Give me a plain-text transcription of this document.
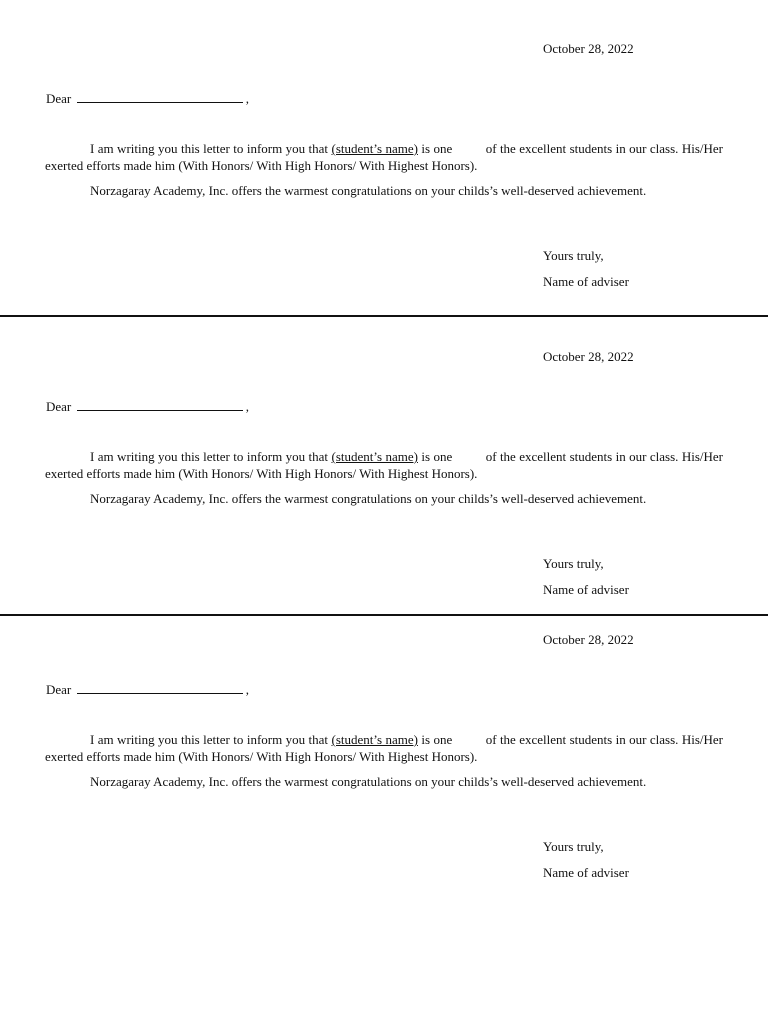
October 28, 2022
Dear	,

I am writing you this letter to inform you that (student’s name) is one	of the excellent students in our class. His/Her exerted efforts made him (With Honors/ With High Honors/ With Highest Honors).

Norzagaray Academy, Inc. offers the warmest congratulations on your childs’s well-deserved achievement.

Yours truly,
Name of adviser
October 28, 2022
Dear	,

I am writing you this letter to inform you that (student’s name) is one	of the excellent students in our class. His/Her exerted efforts made him (With Honors/ With High Honors/ With Highest Honors).

Norzagaray Academy, Inc. offers the warmest congratulations on your childs’s well-deserved achievement.

Yours truly,
Name of adviser
October 28, 2022
Dear	,

I am writing you this letter to inform you that (student’s name) is one	of the excellent students in our class. His/Her exerted efforts made him (With Honors/ With High Honors/ With Highest Honors).

Norzagaray Academy, Inc. offers the warmest congratulations on your childs’s well-deserved achievement.

Yours truly,
Name of adviser
